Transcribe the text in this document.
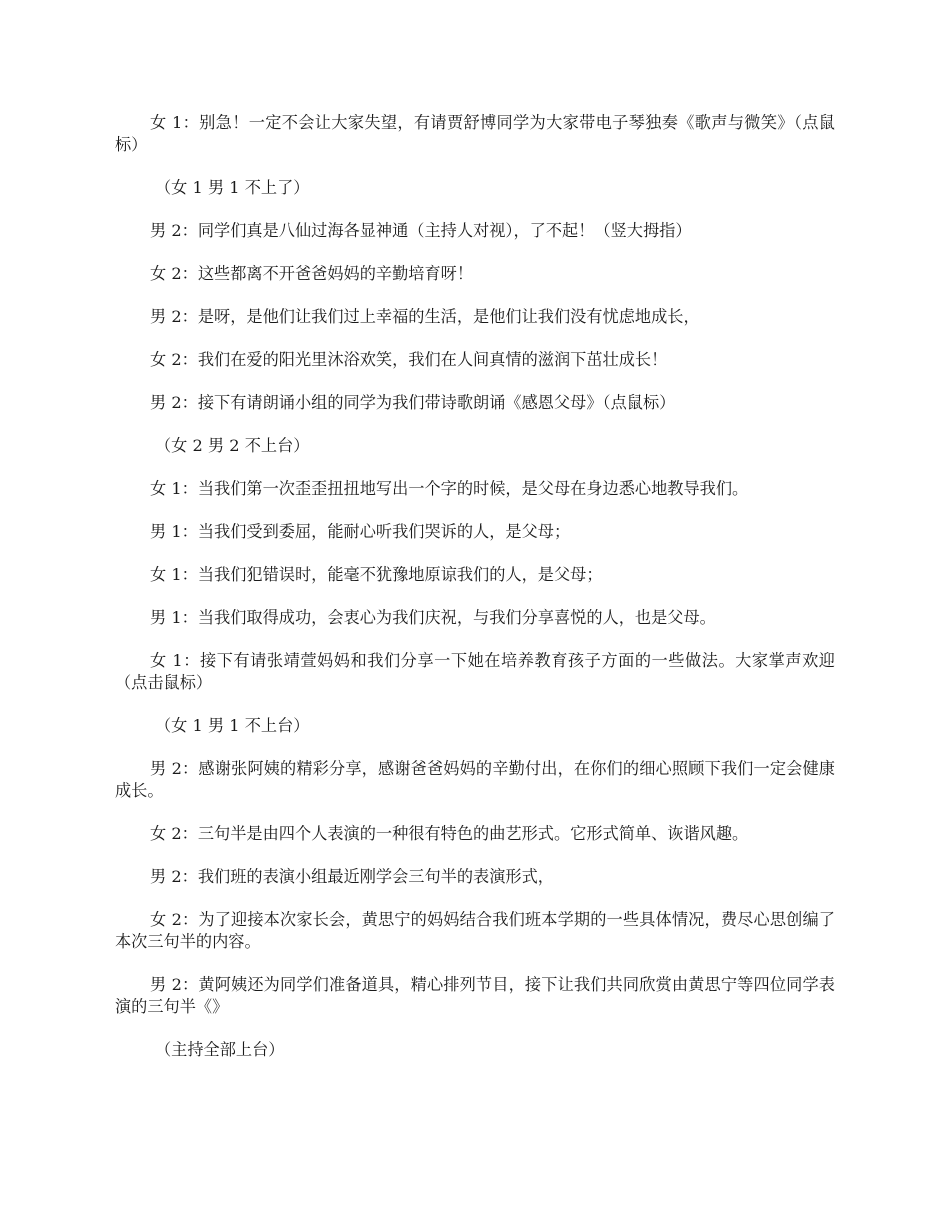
女 1：别急！一定不会让大家失望，有请贾舒博同学为大家带电子琴独奏《歌声与微笑》（点鼠标）

（女 1 男 1 不上了）

男 2：同学们真是八仙过海各显神通（主持人对视），了不起！（竖大拇指）

女 2：这些都离不开爸爸妈妈的辛勤培育呀！

男 2：是呀，是他们让我们过上幸福的生活，是他们让我们没有忧虑地成长，

女 2：我们在爱的阳光里沐浴欢笑，我们在人间真情的滋润下茁壮成长！

男 2：接下有请朗诵小组的同学为我们带诗歌朗诵《感恩父母》（点鼠标）

（女 2 男 2 不上台）

女 1：当我们第一次歪歪扭扭地写出一个字的时候，是父母在身边悉心地教导我们。

男 1：当我们受到委屈，能耐心听我们哭诉的人，是父母；

女 1：当我们犯错误时，能毫不犹豫地原谅我们的人，是父母；

男 1：当我们取得成功，会衷心为我们庆祝，与我们分享喜悦的人，也是父母。

女 1：接下有请张靖萱妈妈和我们分享一下她在培养教育孩子方面的一些做法。大家掌声欢迎（点击鼠标）

（女 1 男 1 不上台）

男 2：感谢张阿姨的精彩分享，感谢爸爸妈妈的辛勤付出，在你们的细心照顾下我们一定会健康成长。

女 2：三句半是由四个人表演的一种很有特色的曲艺形式。它形式简单、诙谐风趣。

男 2：我们班的表演小组最近刚学会三句半的表演形式，

女 2：为了迎接本次家长会，黄思宁的妈妈结合我们班本学期的一些具体情况，费尽心思创编了本次三句半的内容。

男 2：黄阿姨还为同学们准备道具，精心排列节目，接下让我们共同欣赏由黄思宁等四位同学表演的三句半《》

（主持全部上台）
